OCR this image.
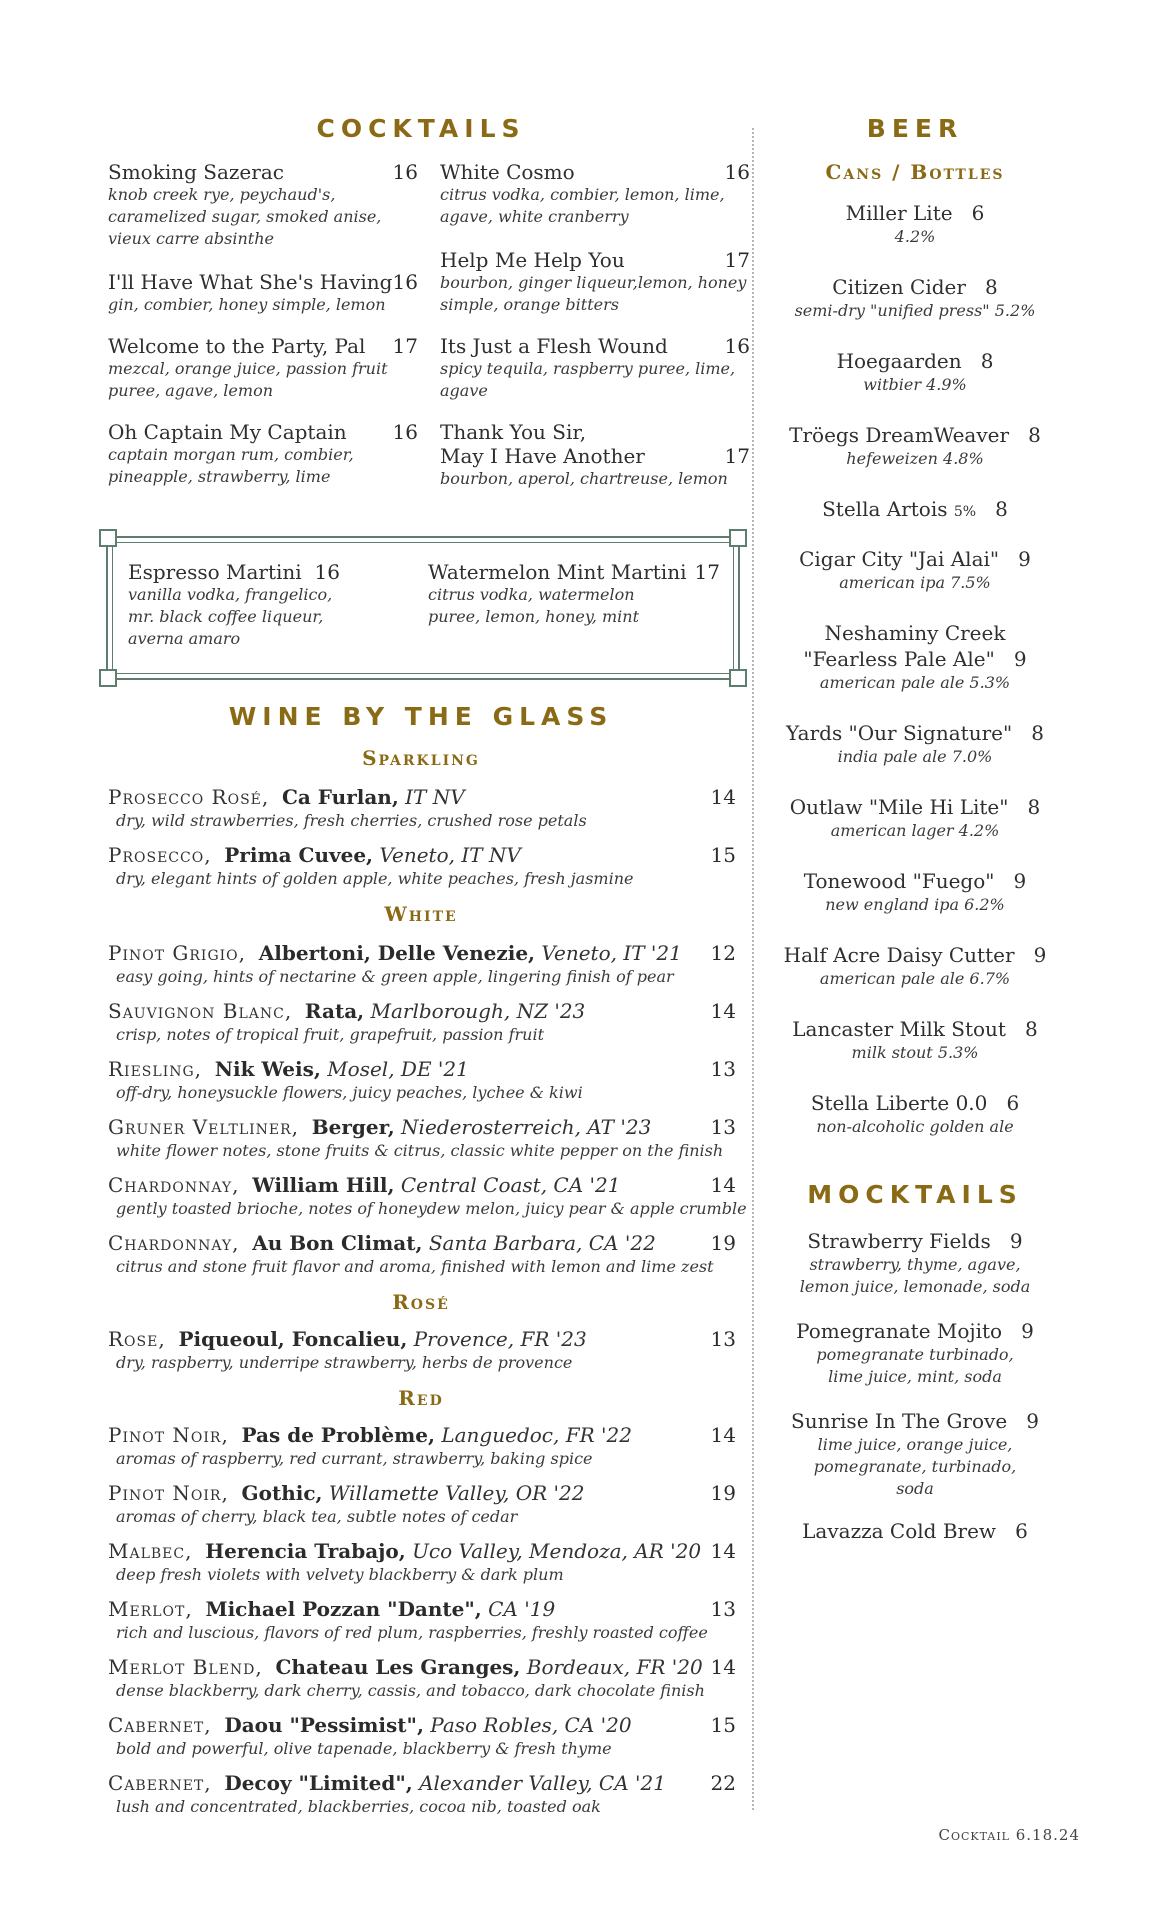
COCKTAILS
Smoking Sazerac	16
knob creek rye, peychaud's, caramelized sugar, smoked anise, vieux carre absinthe
I'll Have What She's Having 16
gin, combier, honey simple, lemon
Welcome to the Party, Pal	17
mezcal, orange juice, passion fruit puree, agave, lemon
Oh Captain My Captain	16
captain morgan rum, combier, pineapple, strawberry, lime
White Cosmo	16
citrus vodka, combier, lemon, lime, agave, white cranberry
Help Me Help You	17
bourbon, ginger liqueur,lemon, honey simple, orange bitters
Its Just a Flesh Wound	16
spicy tequila, raspberry puree, lime, agave
Thank You Sir,
May I Have Another	17
bourbon, aperol, chartreuse, lemon
Espresso Martini 16
vanilla vodka, frangelico, mr. black coffee liqueur, averna amaro
Watermelon Mint Martini 17
citrus vodka, watermelon puree, lemon, honey, mint
WINE BY THE GLASS
Sparkling
Prosecco Rosé, Ca Furlan, IT NV	14
dry, wild strawberries, fresh cherries, crushed rose petals
Prosecco, Prima Cuvee, Veneto, IT NV	15
dry, elegant hints of golden apple, white peaches, fresh jasmine
White
Pinot Grigio, Albertoni, Delle Venezie, Veneto, IT '21	12
easy going, hints of nectarine & green apple, lingering finish of pear
Sauvignon Blanc, Rata, Marlborough, NZ '23	14
crisp, notes of tropical fruit, grapefruit, passion fruit
Riesling, Nik Weis, Mosel, DE '21	13
off-dry, honeysuckle flowers, juicy peaches, lychee & kiwi
Gruner Veltliner, Berger, Niederosterreich, AT '23	13
white flower notes, stone fruits & citrus, classic white pepper on the finish
Chardonnay, William Hill, Central Coast, CA '21	14
gently toasted brioche, notes of honeydew melon, juicy pear & apple crumble
Chardonnay, Au Bon Climat, Santa Barbara, CA '22	19
citrus and stone fruit flavor and aroma, finished with lemon and lime zest
Rosé
Rose, Piqueoul, Foncalieu, Provence, FR '23	13
dry, raspberry, underripe strawberry, herbs de provence
Red
Pinot Noir, Pas de Problème, Languedoc, FR '22	14
aromas of raspberry, red currant, strawberry, baking spice
Pinot Noir, Gothic, Willamette Valley, OR '22	19
aromas of cherry, black tea, subtle notes of cedar
Malbec, Herencia Trabajo, Uco Valley, Mendoza, AR '20 14
deep fresh violets with velvety blackberry & dark plum
Merlot, Michael Pozzan "Dante", CA '19	13
rich and luscious, flavors of red plum, raspberries, freshly roasted coffee
Merlot Blend, Chateau Les Granges, Bordeaux, FR '20 14
dense blackberry, dark cherry, cassis, and tobacco, dark chocolate finish
Cabernet, Daou "Pessimist", Paso Robles, CA '20	15
bold and powerful, olive tapenade, blackberry & fresh thyme
Cabernet, Decoy "Limited", Alexander Valley, CA '21	22
lush and concentrated, blackberries, cocoa nib, toasted oak
BEER
Cans / Bottles
Miller Lite 6
4.2%
Citizen Cider 8
semi-dry "unified press" 5.2%
Hoegaarden 8
witbier 4.9%
Tröegs DreamWeaver 8
hefeweizen 4.8%
Stella Artois 5% 8
Cigar City "Jai Alai" 9
american ipa 7.5%
Neshaminy Creek
"Fearless Pale Ale" 9
american pale ale 5.3%
Yards "Our Signature" 8
india pale ale 7.0%
Outlaw "Mile Hi Lite" 8
american lager 4.2%
Tonewood "Fuego" 9
new england ipa 6.2%
Half Acre Daisy Cutter 9
american pale ale 6.7%
Lancaster Milk Stout 8
milk stout 5.3%
Stella Liberte 0.0 6
non-alcoholic golden ale
MOCKTAILS
Strawberry Fields 9
strawberry, thyme, agave,
lemon juice, lemonade, soda
Pomegranate Mojito 9
pomegranate turbinado,
lime juice, mint, soda
Sunrise In The Grove 9
lime juice, orange juice,
pomegranate, turbinado,
soda
Lavazza Cold Brew 6
Cocktail 6.18.24
